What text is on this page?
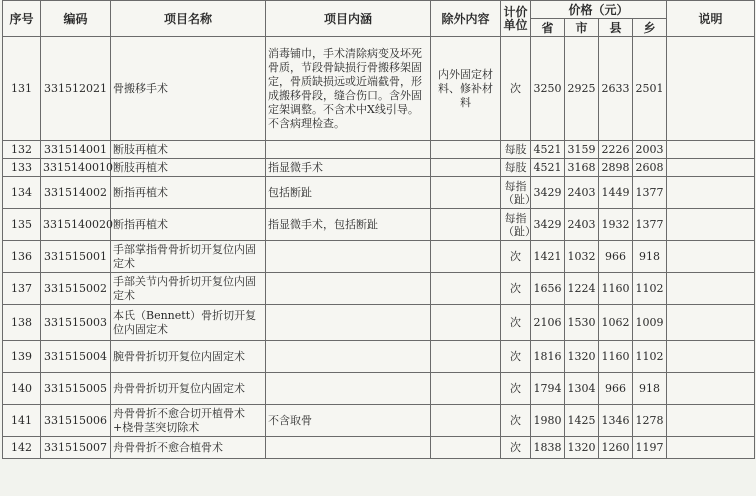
序号	编码	项目名称	项目内涵	除外内容	计价单位	价格（元）				说明
						省	市	县	乡	
131	331512021	骨搬移手术	消毒铺巾，手术清除病变及坏死骨质，节段骨缺损行骨搬移架固定，骨质缺损远或近端截骨，形成搬移骨段，缝合伤口。含外固定架调整。不含术中X线引导。不含病理检查。	内外固定材料、修补材料	次	3250	2925	2633	2501	
132	331514001	断肢再植术			每肢	4521	3159	2226	2003	
133	3315140010	断肢再植术	指显微手术		每肢	4521	3168	2898	2608	
134	331514002	断指再植术	包括断趾		每指（趾）	3429	2403	1449	1377	
135	3315140020	断指再植术	指显微手术，包括断趾		每指（趾）	3429	2403	1932	1377	
136	331515001	手部掌指骨骨折切开复位内固定术			次	1421	1032	966	918	
137	331515002	手部关节内骨折切开复位内固定术			次	1656	1224	1160	1102	
138	331515003	本氏（Bennett）骨折切开复位内固定术			次	2106	1530	1062	1009	
139	331515004	腕骨骨折切开复位内固定术			次	1816	1320	1160	1102	
140	331515005	舟骨骨折切开复位内固定术			次	1794	1304	966	918	
141	331515006	舟骨骨折不愈合切开植骨术+桡骨茎突切除术	不含取骨		次	1980	1425	1346	1278	
142	331515007	舟骨骨折不愈合植骨术			次	1838	1320	1260	1197	
